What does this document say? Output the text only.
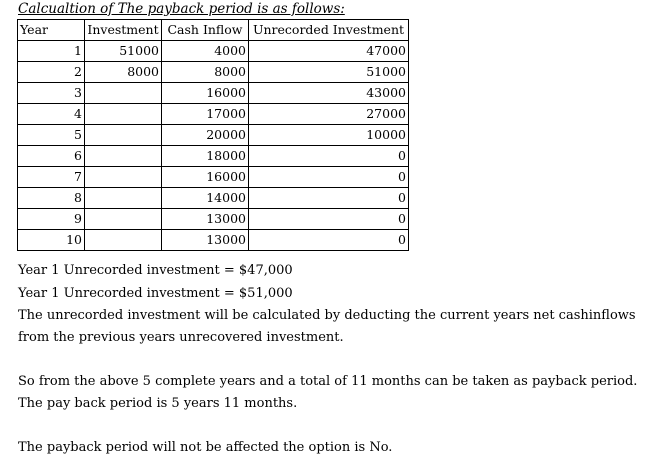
Calcualtion of The payback period is as follows:
Year	Investment	Cash Inflow	Unrecorded Investment
1	51000	4000	47000
2	8000	8000	51000
3		16000	43000
4		17000	27000
5		20000	10000
6		18000	0
7		16000	0
8		14000	0
9		13000	0
10		13000	0
Year 1 Unrecorded investment = $47,000
Year 1 Unrecorded investment = $51,000
The unrecorded investment will be calculated by deducting the current years net cashinflows from the previous years unrecovered investment.
So from the above 5 complete years and a total of 11 months can be taken as payback period. The pay back period is 5 years 11 months.
The payback period will not be affected the option is No.
